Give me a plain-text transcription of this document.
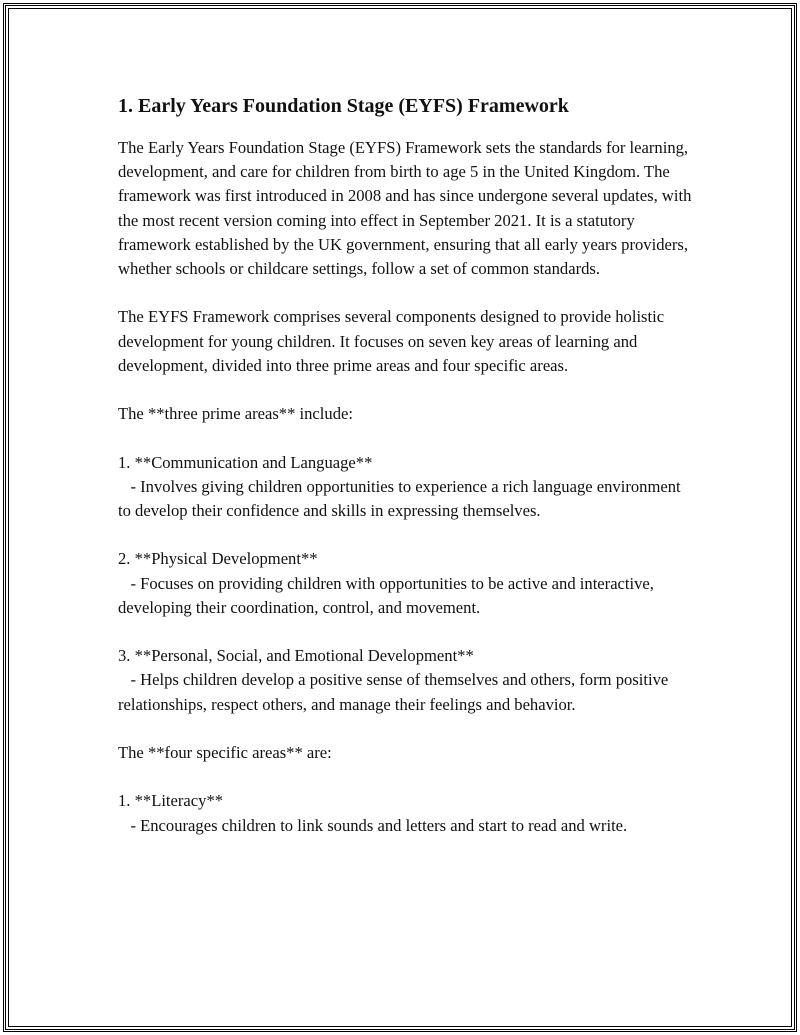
1. Early Years Foundation Stage (EYFS) Framework

The Early Years Foundation Stage (EYFS) Framework sets the standards for learning, development, and care for children from birth to age 5 in the United Kingdom. The framework was first introduced in 2008 and has since undergone several updates, with the most recent version coming into effect in September 2021. It is a statutory framework established by the UK government, ensuring that all early years providers, whether schools or childcare settings, follow a set of common standards.

The EYFS Framework comprises several components designed to provide holistic development for young children. It focuses on seven key areas of learning and development, divided into three prime areas and four specific areas.

The **three prime areas** include:

1. **Communication and Language**
- Involves giving children opportunities to experience a rich language environment to develop their confidence and skills in expressing themselves.
2. **Physical Development**
- Focuses on providing children with opportunities to be active and interactive, developing their coordination, control, and movement.
3. **Personal, Social, and Emotional Development**
- Helps children develop a positive sense of themselves and others, form positive relationships, respect others, and manage their feelings and behavior.

The **four specific areas** are:

1. **Literacy**
- Encourages children to link sounds and letters and start to read and write.
